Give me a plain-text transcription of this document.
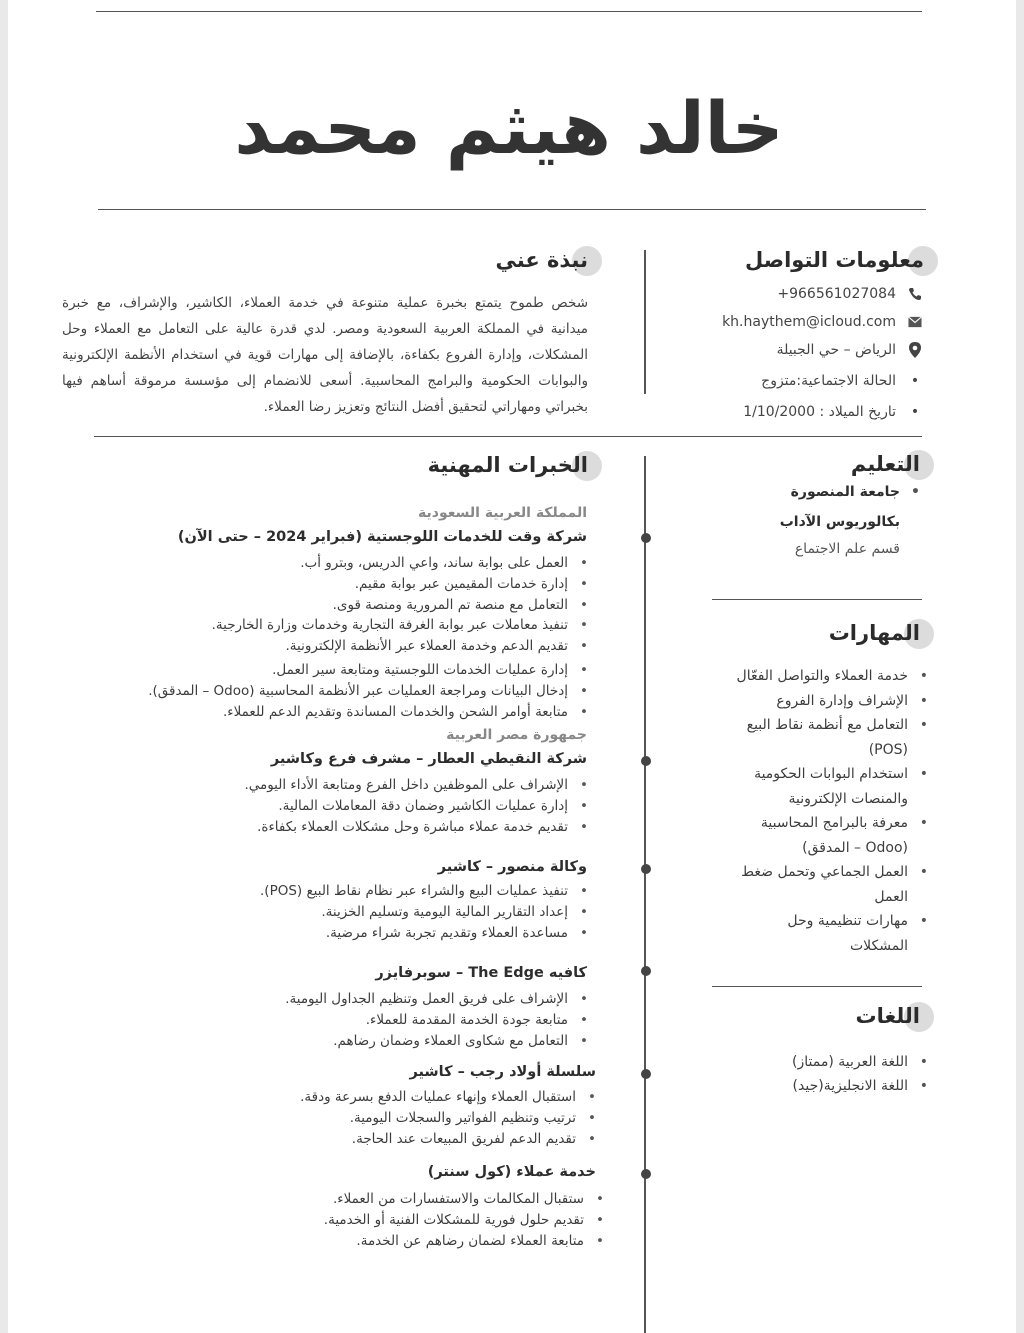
خالد هيثم محمد
معلومات التواصل
+966561027084
kh.haythem@icloud.com
الرياض – حي الجبيلة
•
الحالة الاجتماعية:متزوج
•
تاريخ الميلاد : 1/10/2000
نبذة عني
شخص طموح يتمتع بخبرة عملية متنوعة في خدمة العملاء، الكاشير، والإشراف، مع خبرة ميدانية في المملكة العربية السعودية ومصر. لدي قدرة عالية على التعامل مع العملاء وحل المشكلات، وإدارة الفروع بكفاءة، بالإضافة إلى مهارات قوية في استخدام الأنظمة الإلكترونية والبوابات الحكومية والبرامج المحاسبية. أسعى للانضمام إلى مؤسسة مرموقة أساهم فيها بخبراتي ومهاراتي لتحقيق أفضل النتائج وتعزيز رضا العملاء.
التعليم
• جامعة المنصورة
بكالوريوس الآداب
قسم علم الاجتماع
المهارات
• خدمة العملاء والتواصل الفعّال
• الإشراف وإدارة الفروع
• التعامل مع أنظمة نقاط البيع (POS)
• استخدام البوابات الحكومية والمنصات الإلكترونية
• معرفة بالبرامج المحاسبية (Odoo – المدقق)
• العمل الجماعي وتحمل ضغط العمل
• مهارات تنظيمية وحل المشكلات
اللغات
• اللغة العربية (ممتاز)
• اللغة الانجليزية(جيد)
الخبرات المهنية
المملكة العربية السعودية
شركة وقت للخدمات اللوجستية (فبراير 2024 – حتى الآن)
• العمل على بوابة ساند، واعي الدريس، وبترو أب.
• إدارة خدمات المقيمين عبر بوابة مقيم.
• التعامل مع منصة تم المرورية ومنصة قوى.
• تنفيذ معاملات عبر بوابة الغرفة التجارية وخدمات وزارة الخارجية.
• تقديم الدعم وخدمة العملاء عبر الأنظمة الإلكترونية.
• إدارة عمليات الخدمات اللوجستية ومتابعة سير العمل.
• إدخال البيانات ومراجعة العمليات عبر الأنظمة المحاسبية (Odoo – المدقق).
• متابعة أوامر الشحن والخدمات المساندة وتقديم الدعم للعملاء.
جمهورة مصر العربية
شركة النقيطي العطار – مشرف فرع وكاشير
• الإشراف على الموظفين داخل الفرع ومتابعة الأداء اليومي.
• إدارة عمليات الكاشير وضمان دقة المعاملات المالية.
• تقديم خدمة عملاء مباشرة وحل مشكلات العملاء بكفاءة.
وكالة منصور – كاشير
• تنفيذ عمليات البيع والشراء عبر نظام نقاط البيع (POS).
• إعداد التقارير المالية اليومية وتسليم الخزينة.
• مساعدة العملاء وتقديم تجربة شراء مرضية.
كافيه The Edge – سوبرفايزر
• الإشراف على فريق العمل وتنظيم الجداول اليومية.
• متابعة جودة الخدمة المقدمة للعملاء.
• التعامل مع شكاوى العملاء وضمان رضاهم.
سلسلة أولاد رجب – كاشير
• استقبال العملاء وإنهاء عمليات الدفع بسرعة ودقة.
• ترتيب وتنظيم الفواتير والسجلات اليومية.
• تقديم الدعم لفريق المبيعات عند الحاجة.
خدمة عملاء (كول سنتر)
• ستقبال المكالمات والاستفسارات من العملاء.
• تقديم حلول فورية للمشكلات الفنية أو الخدمية.
• متابعة العملاء لضمان رضاهم عن الخدمة.
